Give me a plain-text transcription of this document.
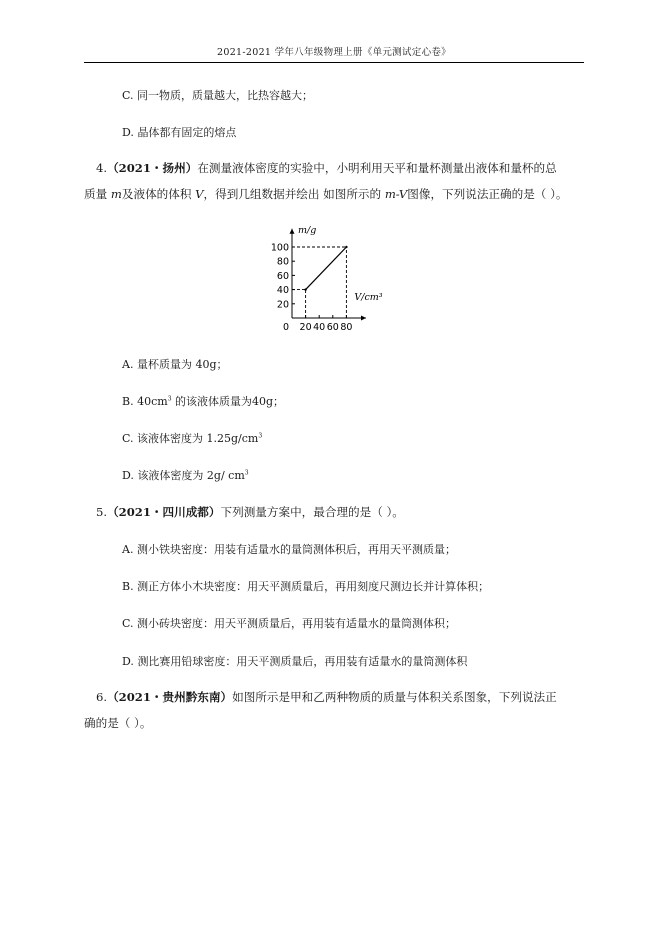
2021-2021 学年八年级物理上册《单元测试定心卷》
C. 同一物质，质量越大，比热容越大；
D. 晶体都有固定的熔点
4.（2021・扬州）在测量液体密度的实验中，小明利用天平和量杯测量出液体和量杯的总
质量 m及液体的体积 V，得到几组数据并绘出 如图所示的 m-V图像，下列说法正确的是（ ）。
20
40
60
80
100
20 40 60 80
0
m/g
V/cm³
A. 量杯质量为 40g；
B. $40cm^3$ 的该液体质量为40g；
C. 该液体密度为 $1.25g/cm^3$
D. 该液体密度为 2g/ $cm^3$
5.（2021・四川成都）下列测量方案中，最合理的是（ ）。
A. 测小铁块密度：用装有适量水的量筒测体积后，再用天平测质量；
B. 测正方体小木块密度：用天平测质量后，再用刻度尺测边长并计算体积；
C. 测小砖块密度：用天平测质量后，再用装有适量水的量筒测体积；
D. 测比赛用铅球密度：用天平测质量后，再用装有适量水的量筒测体积
6.（2021・贵州黔东南）如图所示是甲和乙两种物质的质量与体积关系图象，下列说法正
确的是（ ）。
